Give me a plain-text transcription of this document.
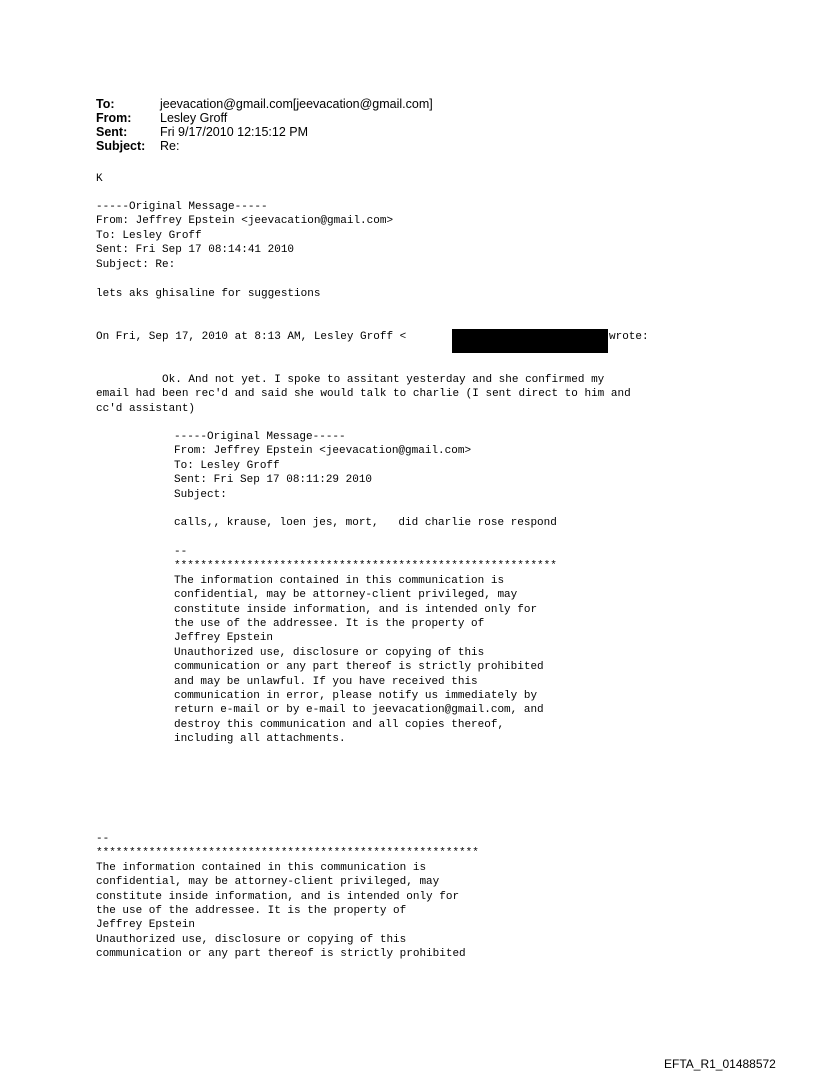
To:	jeevacation@gmail.com[jeevacation@gmail.com]
From:	Lesley Groff
Sent:	Fri 9/17/2010 12:15:12 PM
Subject:	Re:
K
-----Original Message-----
From: Jeffrey Epstein <jeevacation@gmail.com>
To: Lesley Groff
Sent: Fri Sep 17 08:14:41 2010
Subject: Re:
lets aks ghisaline for suggestions
On Fri, Sep 17, 2010 at 8:13 AM, Lesley Groff <	wrote:
Ok. And not yet. I spoke to assitant yesterday and she confirmed my
email had been rec'd and said she would talk to charlie (I sent direct to him and
cc'd assistant)
-----Original Message-----
From: Jeffrey Epstein <jeevacation@gmail.com>
To: Lesley Groff
Sent: Fri Sep 17 08:11:29 2010
Subject:
calls,, krause, loen jes, mort,   did charlie rose respond
--
**********************************************************
The information contained in this communication is
confidential, may be attorney-client privileged, may
constitute inside information, and is intended only for
the use of the addressee. It is the property of
Jeffrey Epstein
Unauthorized use, disclosure or copying of this
communication or any part thereof is strictly prohibited
and may be unlawful. If you have received this
communication in error, please notify us immediately by
return e-mail or by e-mail to jeevacation@gmail.com, and
destroy this communication and all copies thereof,
including all attachments.
--
**********************************************************
The information contained in this communication is
confidential, may be attorney-client privileged, may
constitute inside information, and is intended only for
the use of the addressee. It is the property of
Jeffrey Epstein
Unauthorized use, disclosure or copying of this
communication or any part thereof is strictly prohibited
EFTA_R1_01488572
